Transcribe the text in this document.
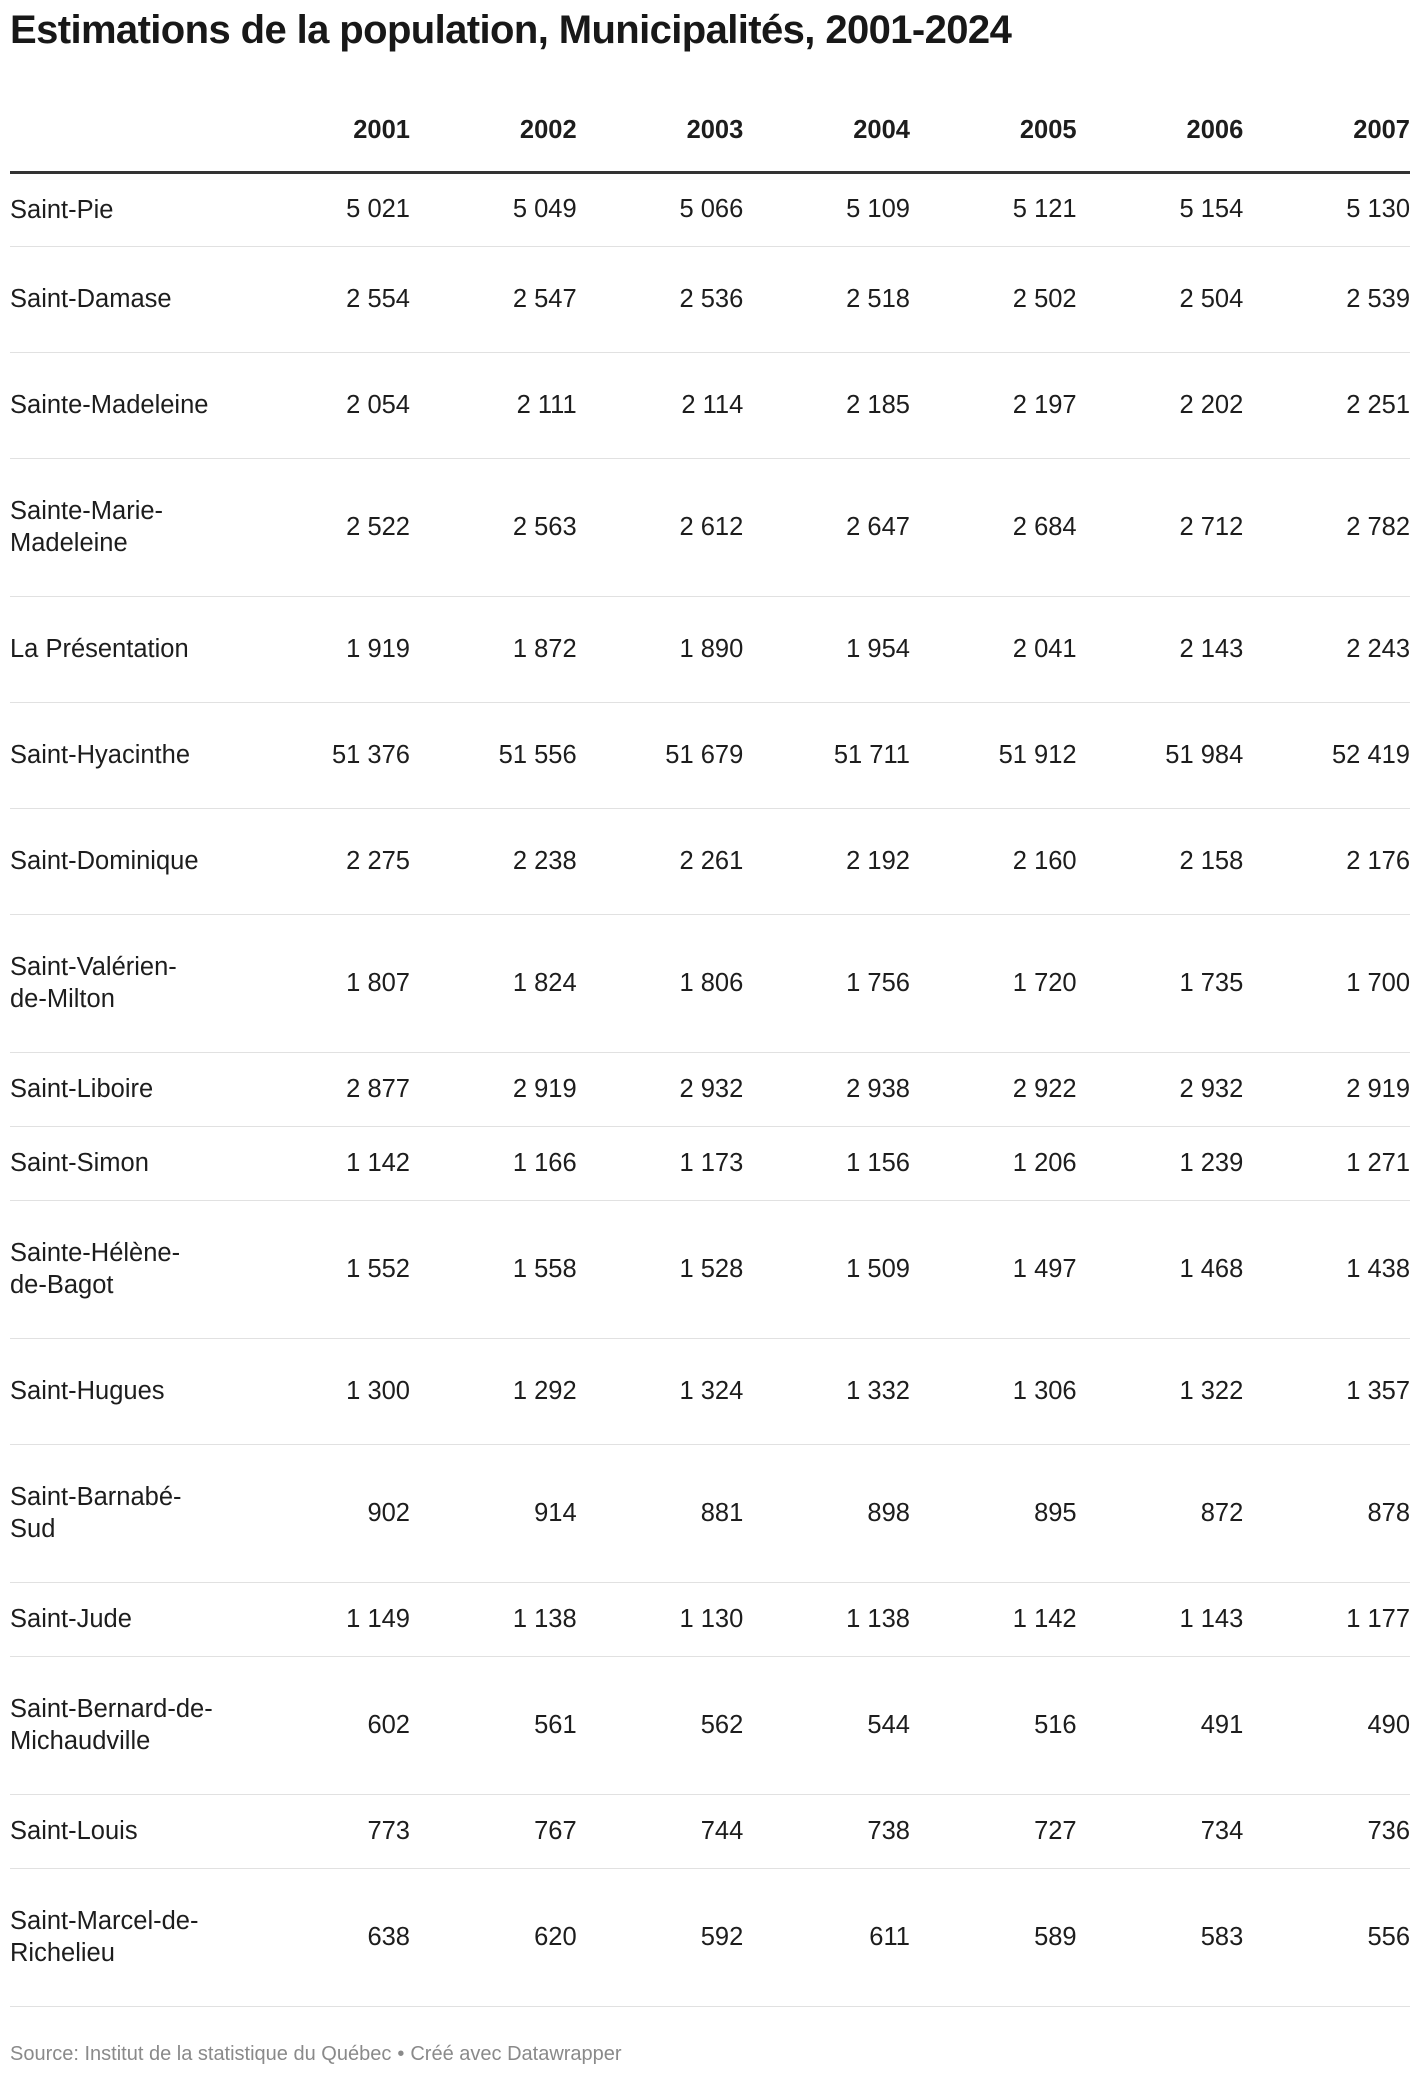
Estimations de la population, Municipalités, 2001-2024
	2001	2002	2003	2004	2005	2006	2007
Saint-Pie	5 021	5 049	5 066	5 109	5 121	5 154	5 130
Saint-Damase	2 554	2 547	2 536	2 518	2 502	2 504	2 539
Sainte-Madeleine	2 054	2 111	2 114	2 185	2 197	2 202	2 251
Sainte-Marie-Madeleine	2 522	2 563	2 612	2 647	2 684	2 712	2 782
La Présentation	1 919	1 872	1 890	1 954	2 041	2 143	2 243
Saint-Hyacinthe	51 376	51 556	51 679	51 711	51 912	51 984	52 419
Saint-Dominique	2 275	2 238	2 261	2 192	2 160	2 158	2 176
Saint-Valérien-de-Milton	1 807	1 824	1 806	1 756	1 720	1 735	1 700
Saint-Liboire	2 877	2 919	2 932	2 938	2 922	2 932	2 919
Saint-Simon	1 142	1 166	1 173	1 156	1 206	1 239	1 271
Sainte-Hélène-de-Bagot	1 552	1 558	1 528	1 509	1 497	1 468	1 438
Saint-Hugues	1 300	1 292	1 324	1 332	1 306	1 322	1 357
Saint-Barnabé-Sud	902	914	881	898	895	872	878
Saint-Jude	1 149	1 138	1 130	1 138	1 142	1 143	1 177
Saint-Bernard-de-Michaudville	602	561	562	544	516	491	490
Saint-Louis	773	767	744	738	727	734	736
Saint-Marcel-de-Richelieu	638	620	592	611	589	583	556
Source: Institut de la statistique du Québec • Créé avec Datawrapper
